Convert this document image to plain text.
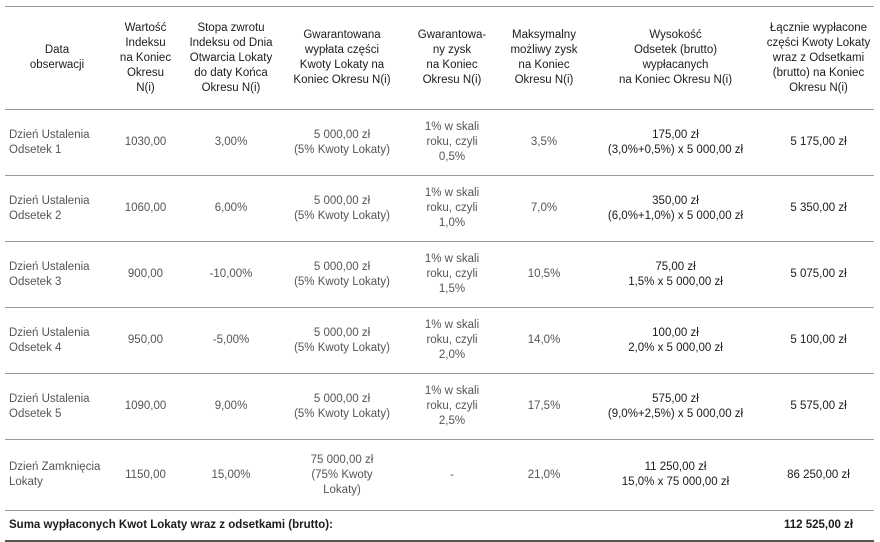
Data
obserwacji	Wartość
Indeksu
na Koniec
Okresu
N(i)	Stopa zwrotu
Indeksu od Dnia
Otwarcia Lokaty
do daty Końca
Okresu N(i)	Gwarantowana
wypłata części
Kwoty Lokaty na
Koniec Okresu N(i)	Gwarantowa-
ny zysk
na Koniec
Okresu N(i)	Maksymalny
możliwy zysk
na Koniec
Okresu N(i)	Wysokość
Odsetek (brutto)
wypłacanych
na Koniec Okresu N(i)	Łącznie wypłacone
części Kwoty Lokaty
wraz z Odsetkami
(brutto) na Koniec
Okresu N(i)

Dzień Ustalenia
Odsetek 1	1030,00	3,00%	5 000,00 zł
(5% Kwoty Lokaty)	1% w skali
roku, czyli
0,5%	3,5%	175,00 zł
(3,0%+0,5%) x 5 000,00 zł	5 175,00 zł

Dzień Ustalenia
Odsetek 2	1060,00	6,00%	5 000,00 zł
(5% Kwoty Lokaty)	1% w skali
roku, czyli
1,0%	7,0%	350,00 zł
(6,0%+1,0%) x 5 000,00 zł	5 350,00 zł

Dzień Ustalenia
Odsetek 3	900,00	-10,00%	5 000,00 zł
(5% Kwoty Lokaty)	1% w skali
roku, czyli
1,5%	10,5%	75,00 zł
1,5% x 5 000,00 zł	5 075,00 zł

Dzień Ustalenia
Odsetek 4	950,00	-5,00%	5 000,00 zł
(5% Kwoty Lokaty)	1% w skali
roku, czyli
2,0%	14,0%	100,00 zł
2,0% x 5 000,00 zł	5 100,00 zł

Dzień Ustalenia
Odsetek 5	1090,00	9,00%	5 000,00 zł
(5% Kwoty Lokaty)	1% w skali
roku, czyli
2,5%	17,5%	575,00 zł
(9,0%+2,5%) x 5 000,00 zł	5 575,00 zł

Dzień Zamknięcia
Lokaty	1150,00	15,00%	75 000,00 zł
(75% Kwoty
Lokaty)	-	21,0%	11 250,00 zł
15,0% x 75 000,00 zł	86 250,00 zł

Suma wypłaconych Kwot Lokaty wraz z odsetkami (brutto):							112 525,00 zł
